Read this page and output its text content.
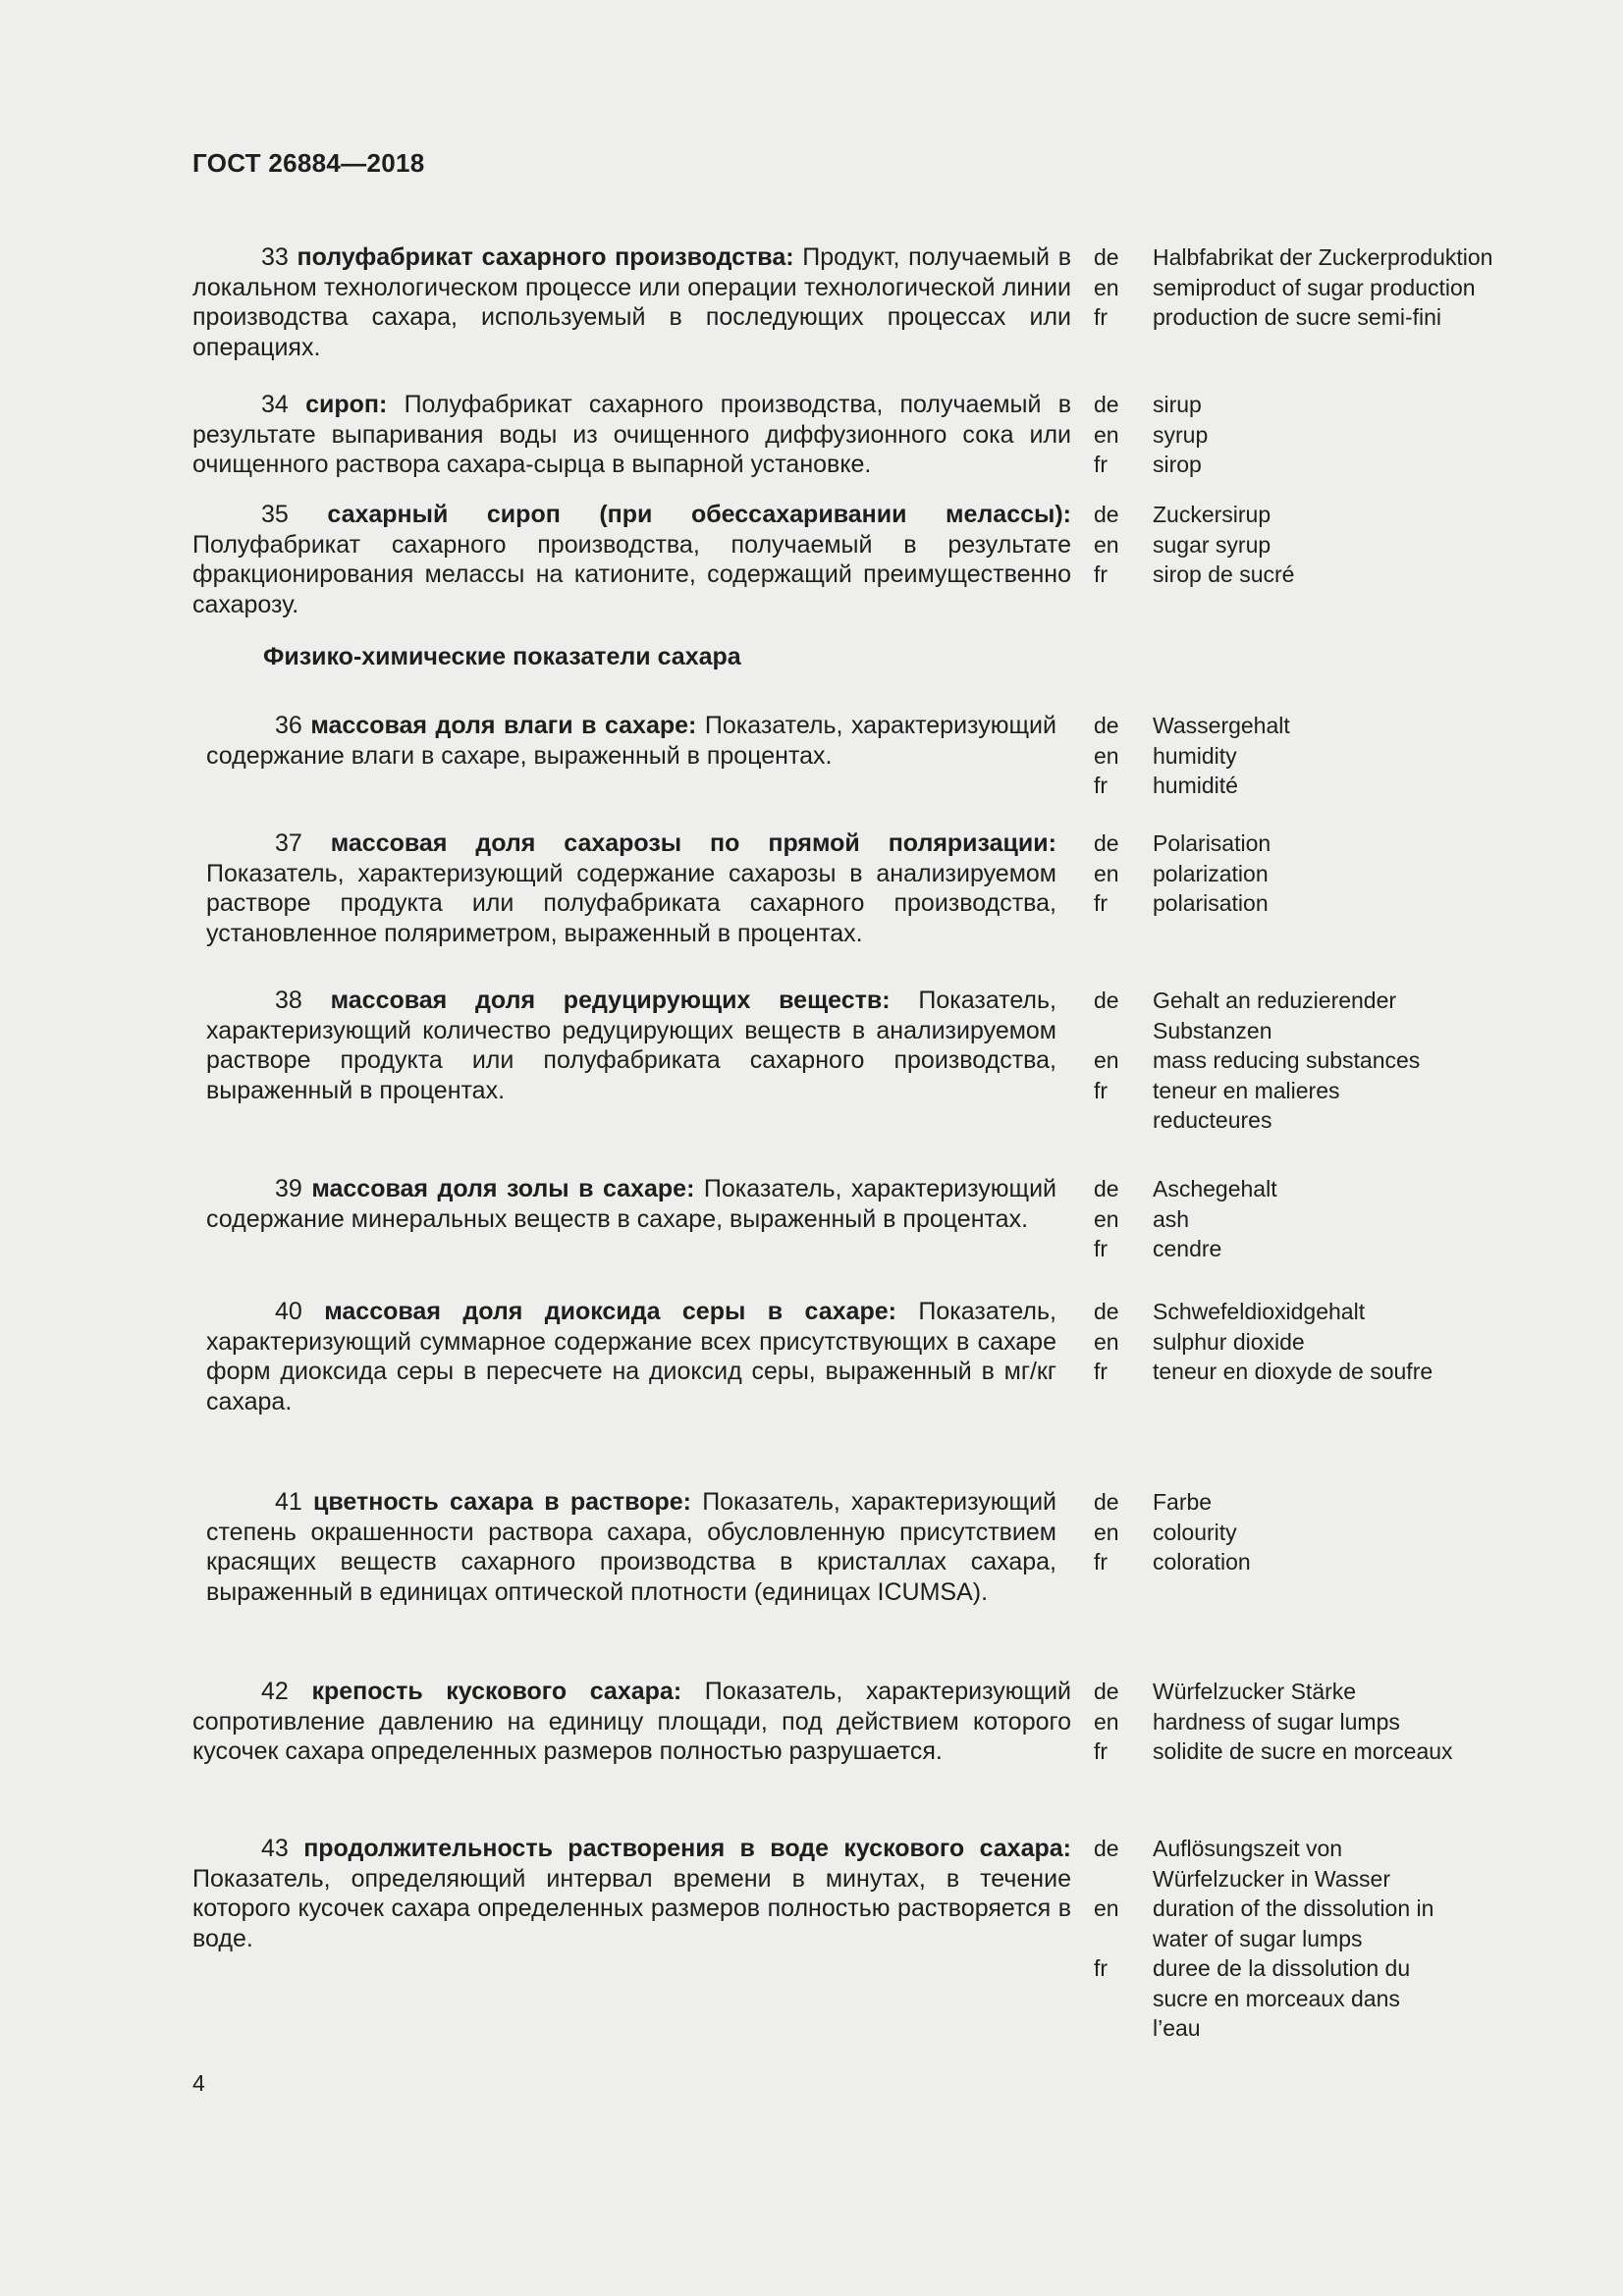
ГОСТ 26884—2018

33 полуфабрикат сахарного производства: Продукт, получаемый в локальном технологическом процессе или операции технологической линии производства сахара, используемый в последующих процессах или операциях.

de	Halbfabrikat der Zuckerproduktion
en	semiproduct of sugar production
fr	production de sucre semi-fini

34 сироп: Полуфабрикат сахарного производства, получаемый в результате выпаривания воды из очищенного диффузионного сока или очищенного раствора сахара-сырца в выпарной установке.

de	sirup
en	syrup
fr	sirop

35 сахарный сироп (при обессахаривании мелассы): Полуфабрикат сахарного производства, получаемый в результате фракционирования мелассы на катионите, содержащий преимущественно сахарозу.

de	Zuckersirup
en	sugar syrup
fr	sirop de sucré
Физико-химические показатели сахара

36 массовая доля влаги в сахаре: Показатель, характеризующий содержание влаги в сахаре, выраженный в процентах.

de	Wassergehalt
en	humidity
fr	humidité

37 массовая доля сахарозы по прямой поляризации: Показатель, характеризующий содержание сахарозы в анализируемом растворе продукта или полуфабриката сахарного производства, установленное поляриметром, выраженный в процентах.

de	Polarisation
en	polarization
fr	polarisation

38 массовая доля редуцирующих веществ: Показатель, характеризующий количество редуцирующих веществ в анализируемом растворе продукта или полуфабриката сахарного производства, выраженный в процентах.

de	Gehalt an reduzierender Substanzen
en	mass reducing substances
fr	teneur en malieres reducteures

39 массовая доля золы в сахаре: Показатель, характеризующий содержание минеральных веществ в сахаре, выраженный в процентах.

de	Aschegehalt
en	ash
fr	cendre

40 массовая доля диоксида серы в сахаре: Показатель, характеризующий суммарное содержание всех присутствующих в сахаре форм диоксида серы в пересчете на диоксид серы, выраженный в мг/кг сахара.

de	Schwefeldioxidgehalt
en	sulphur dioxide
fr	teneur en dioxyde de soufre

41 цветность сахара в растворе: Показатель, характеризующий степень окрашенности раствора сахара, обусловленную присутствием красящих веществ сахарного производства в кристаллах сахара, выраженный в единицах оптической плотности (единицах ICUMSA).

de	Farbe
en	colourity
fr	coloration

42 крепость кускового сахара: Показатель, характеризующий сопротивление давлению на единицу площади, под действием которого кусочек сахара определенных размеров полностью разрушается.

de	Würfelzucker Stärke
en	hardness of sugar lumps
fr	solidite de sucre en morceaux

43 продолжительность растворения в воде кускового сахара: Показатель, определяющий интервал времени в минутах, в течение которого кусочек сахара определенных размеров полностью растворяется в воде.

de	Auflösungszeit von Würfelzucker in Wasser
en	duration of the dissolution in water of sugar lumps
fr	duree de la dissolution du sucre en morceaux dans l’eau
4
